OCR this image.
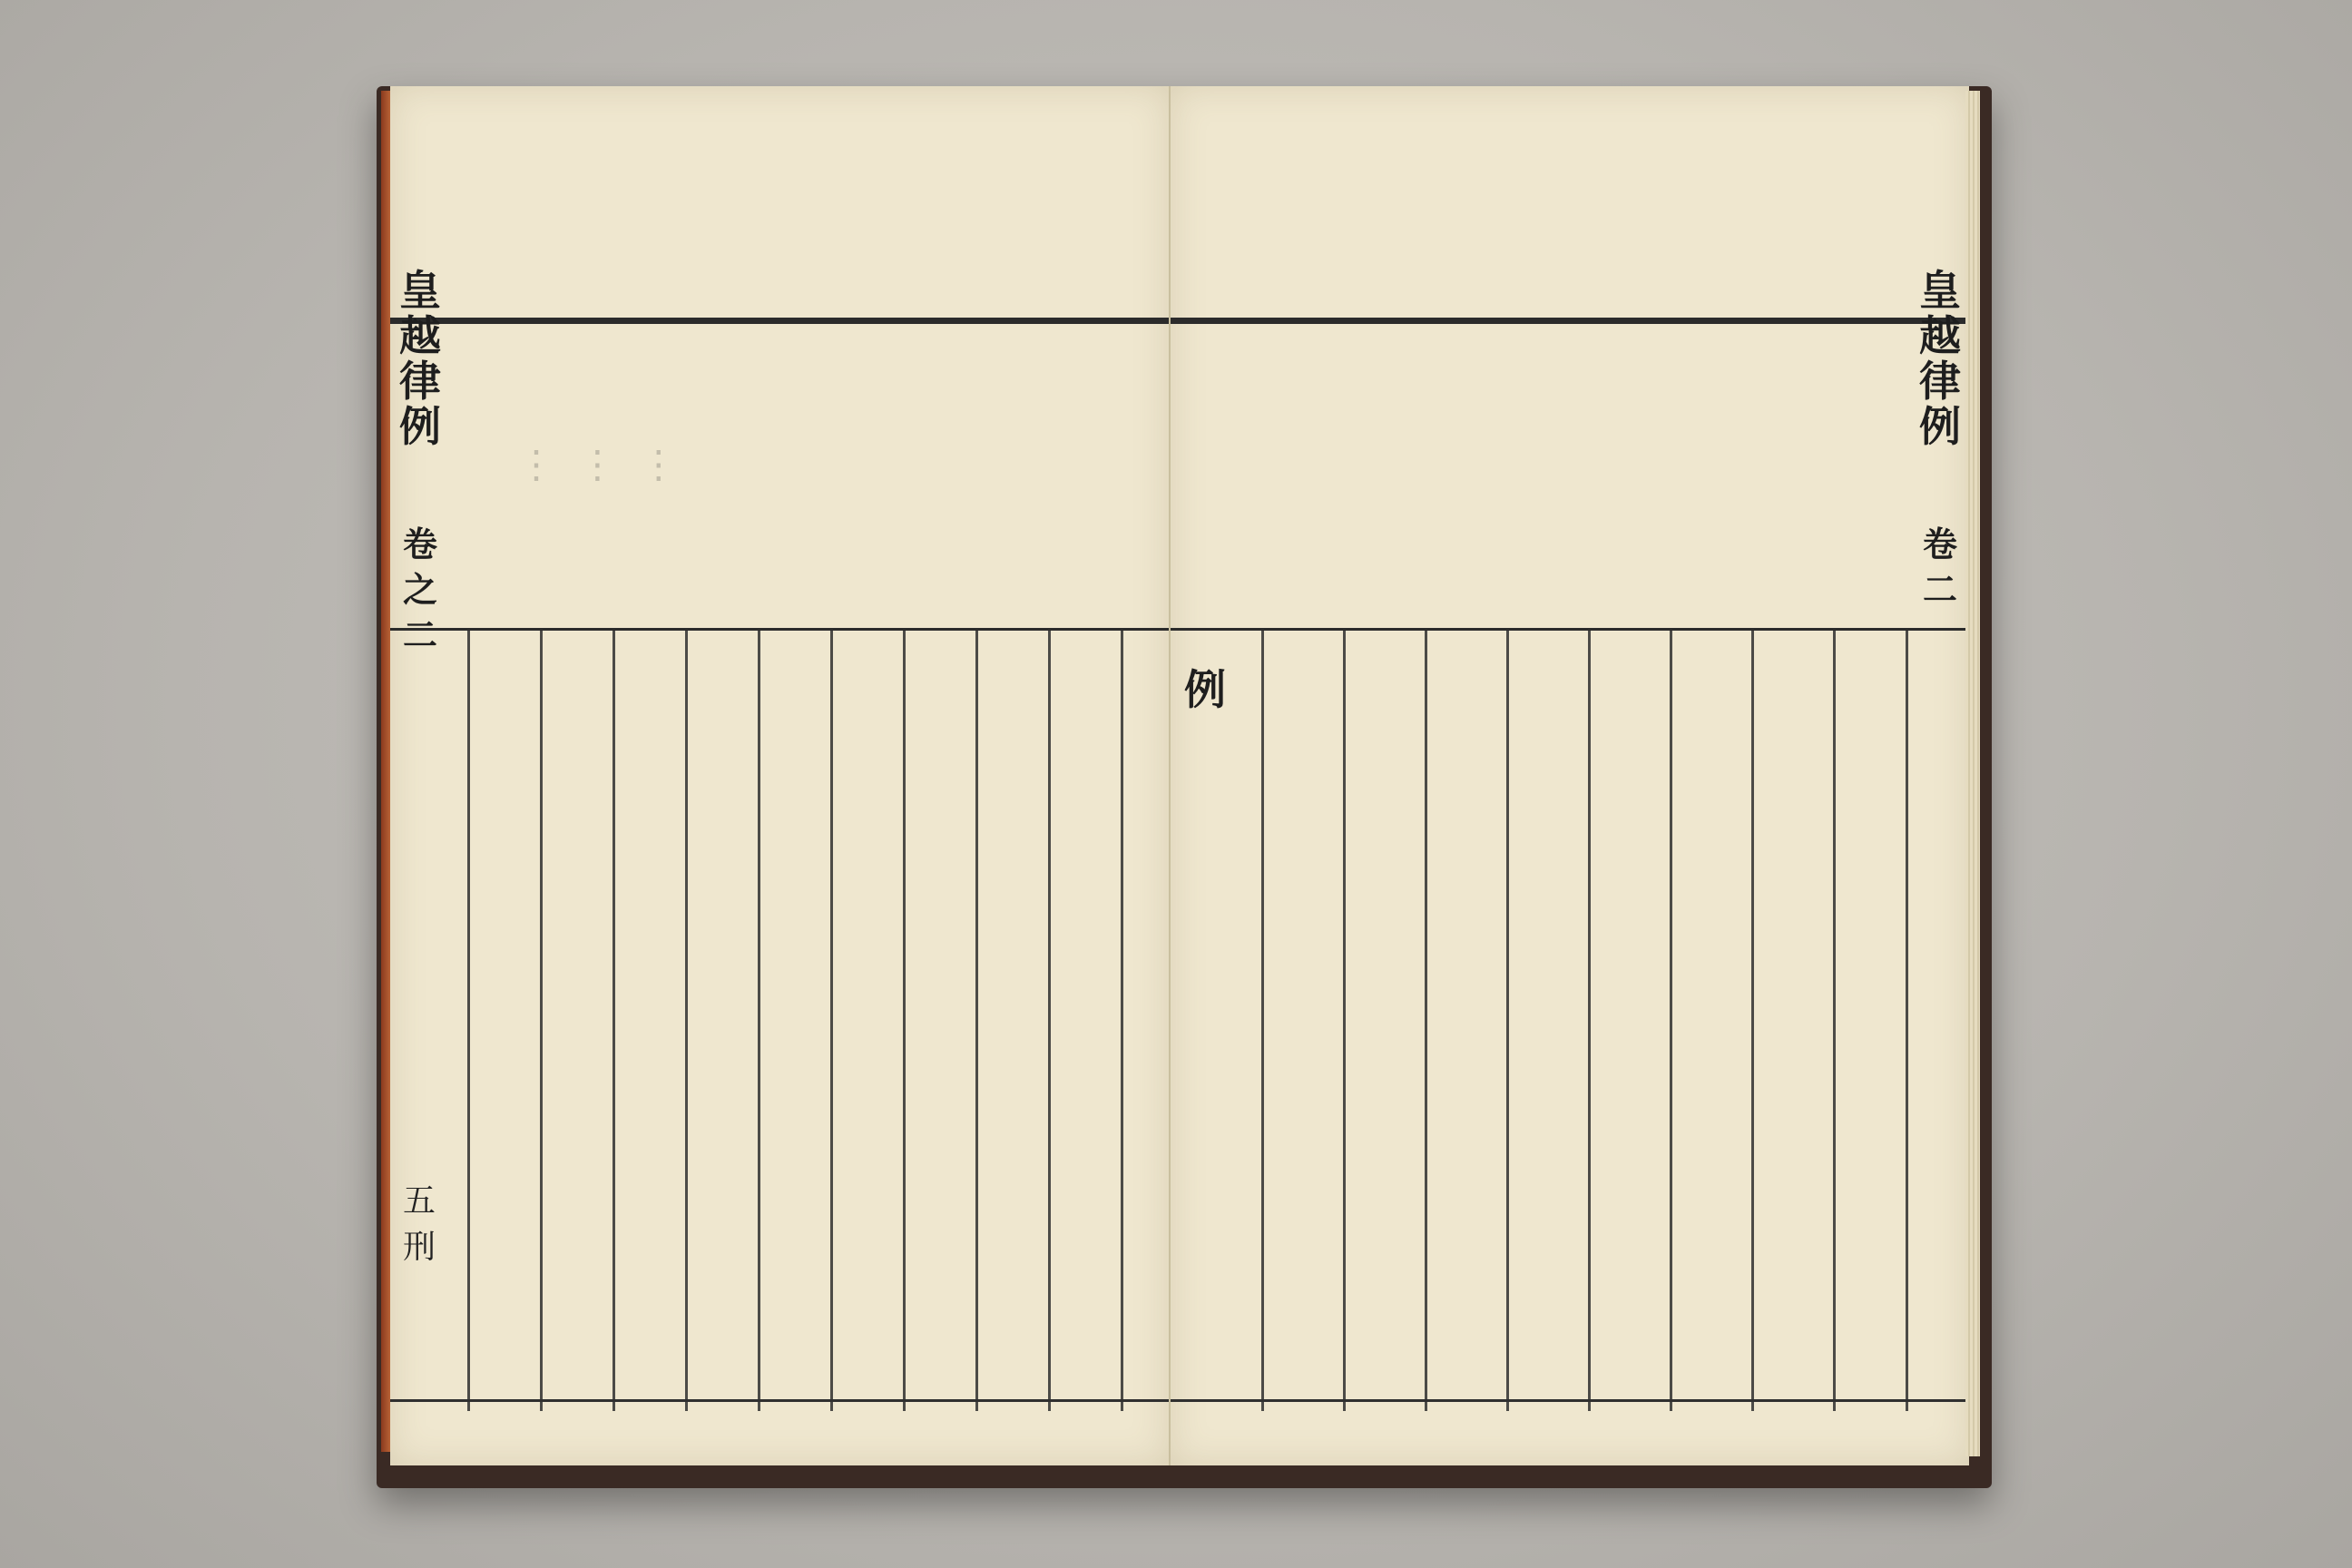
⋮ ⋮ ⋮
皇越律例
卷之二
五刑
例
皇越律例
卷二
